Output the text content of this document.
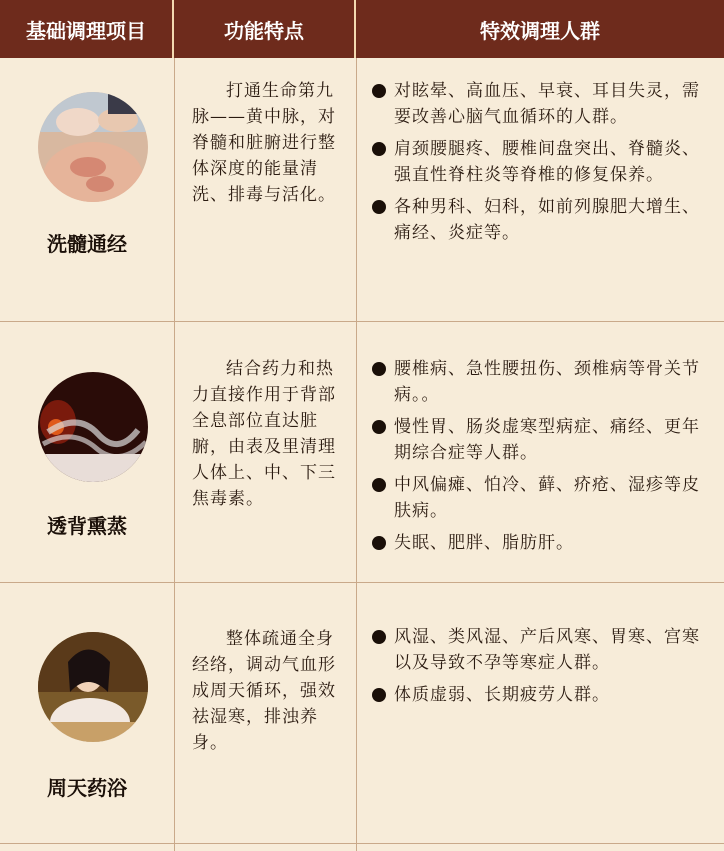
基础调理项目	功能特点	特效调理人群
洗髓通经
打通生命第九脉——黄中脉，对脊髓和脏腑进行整体深度的能量清洗、排毒与活化。
对眩晕、高血压、早衰、耳目失灵，需要改善心脑气血循环的人群。
肩颈腰腿疼、腰椎间盘突出、脊髓炎、强直性脊柱炎等脊椎的修复保养。
各种男科、妇科，如前列腺肥大增生、痛经、炎症等。
透背熏蒸
结合药力和热力直接作用于背部全息部位直达脏腑，由表及里清理人体上、中、下三焦毒素。
腰椎病、急性腰扭伤、颈椎病等骨关节病。。
慢性胃、肠炎虚寒型病症、痛经、更年期综合症等人群。
中风偏瘫、怕冷、藓、疥疮、湿疹等皮肤病。
失眠、肥胖、脂肪肝。
周天药浴
整体疏通全身经络，调动气血形成周天循环，强效祛湿寒，排浊养身。
风湿、类风湿、产后风寒、胃寒、宫寒以及导致不孕等寒症人群。
体质虚弱、长期疲劳人群。
